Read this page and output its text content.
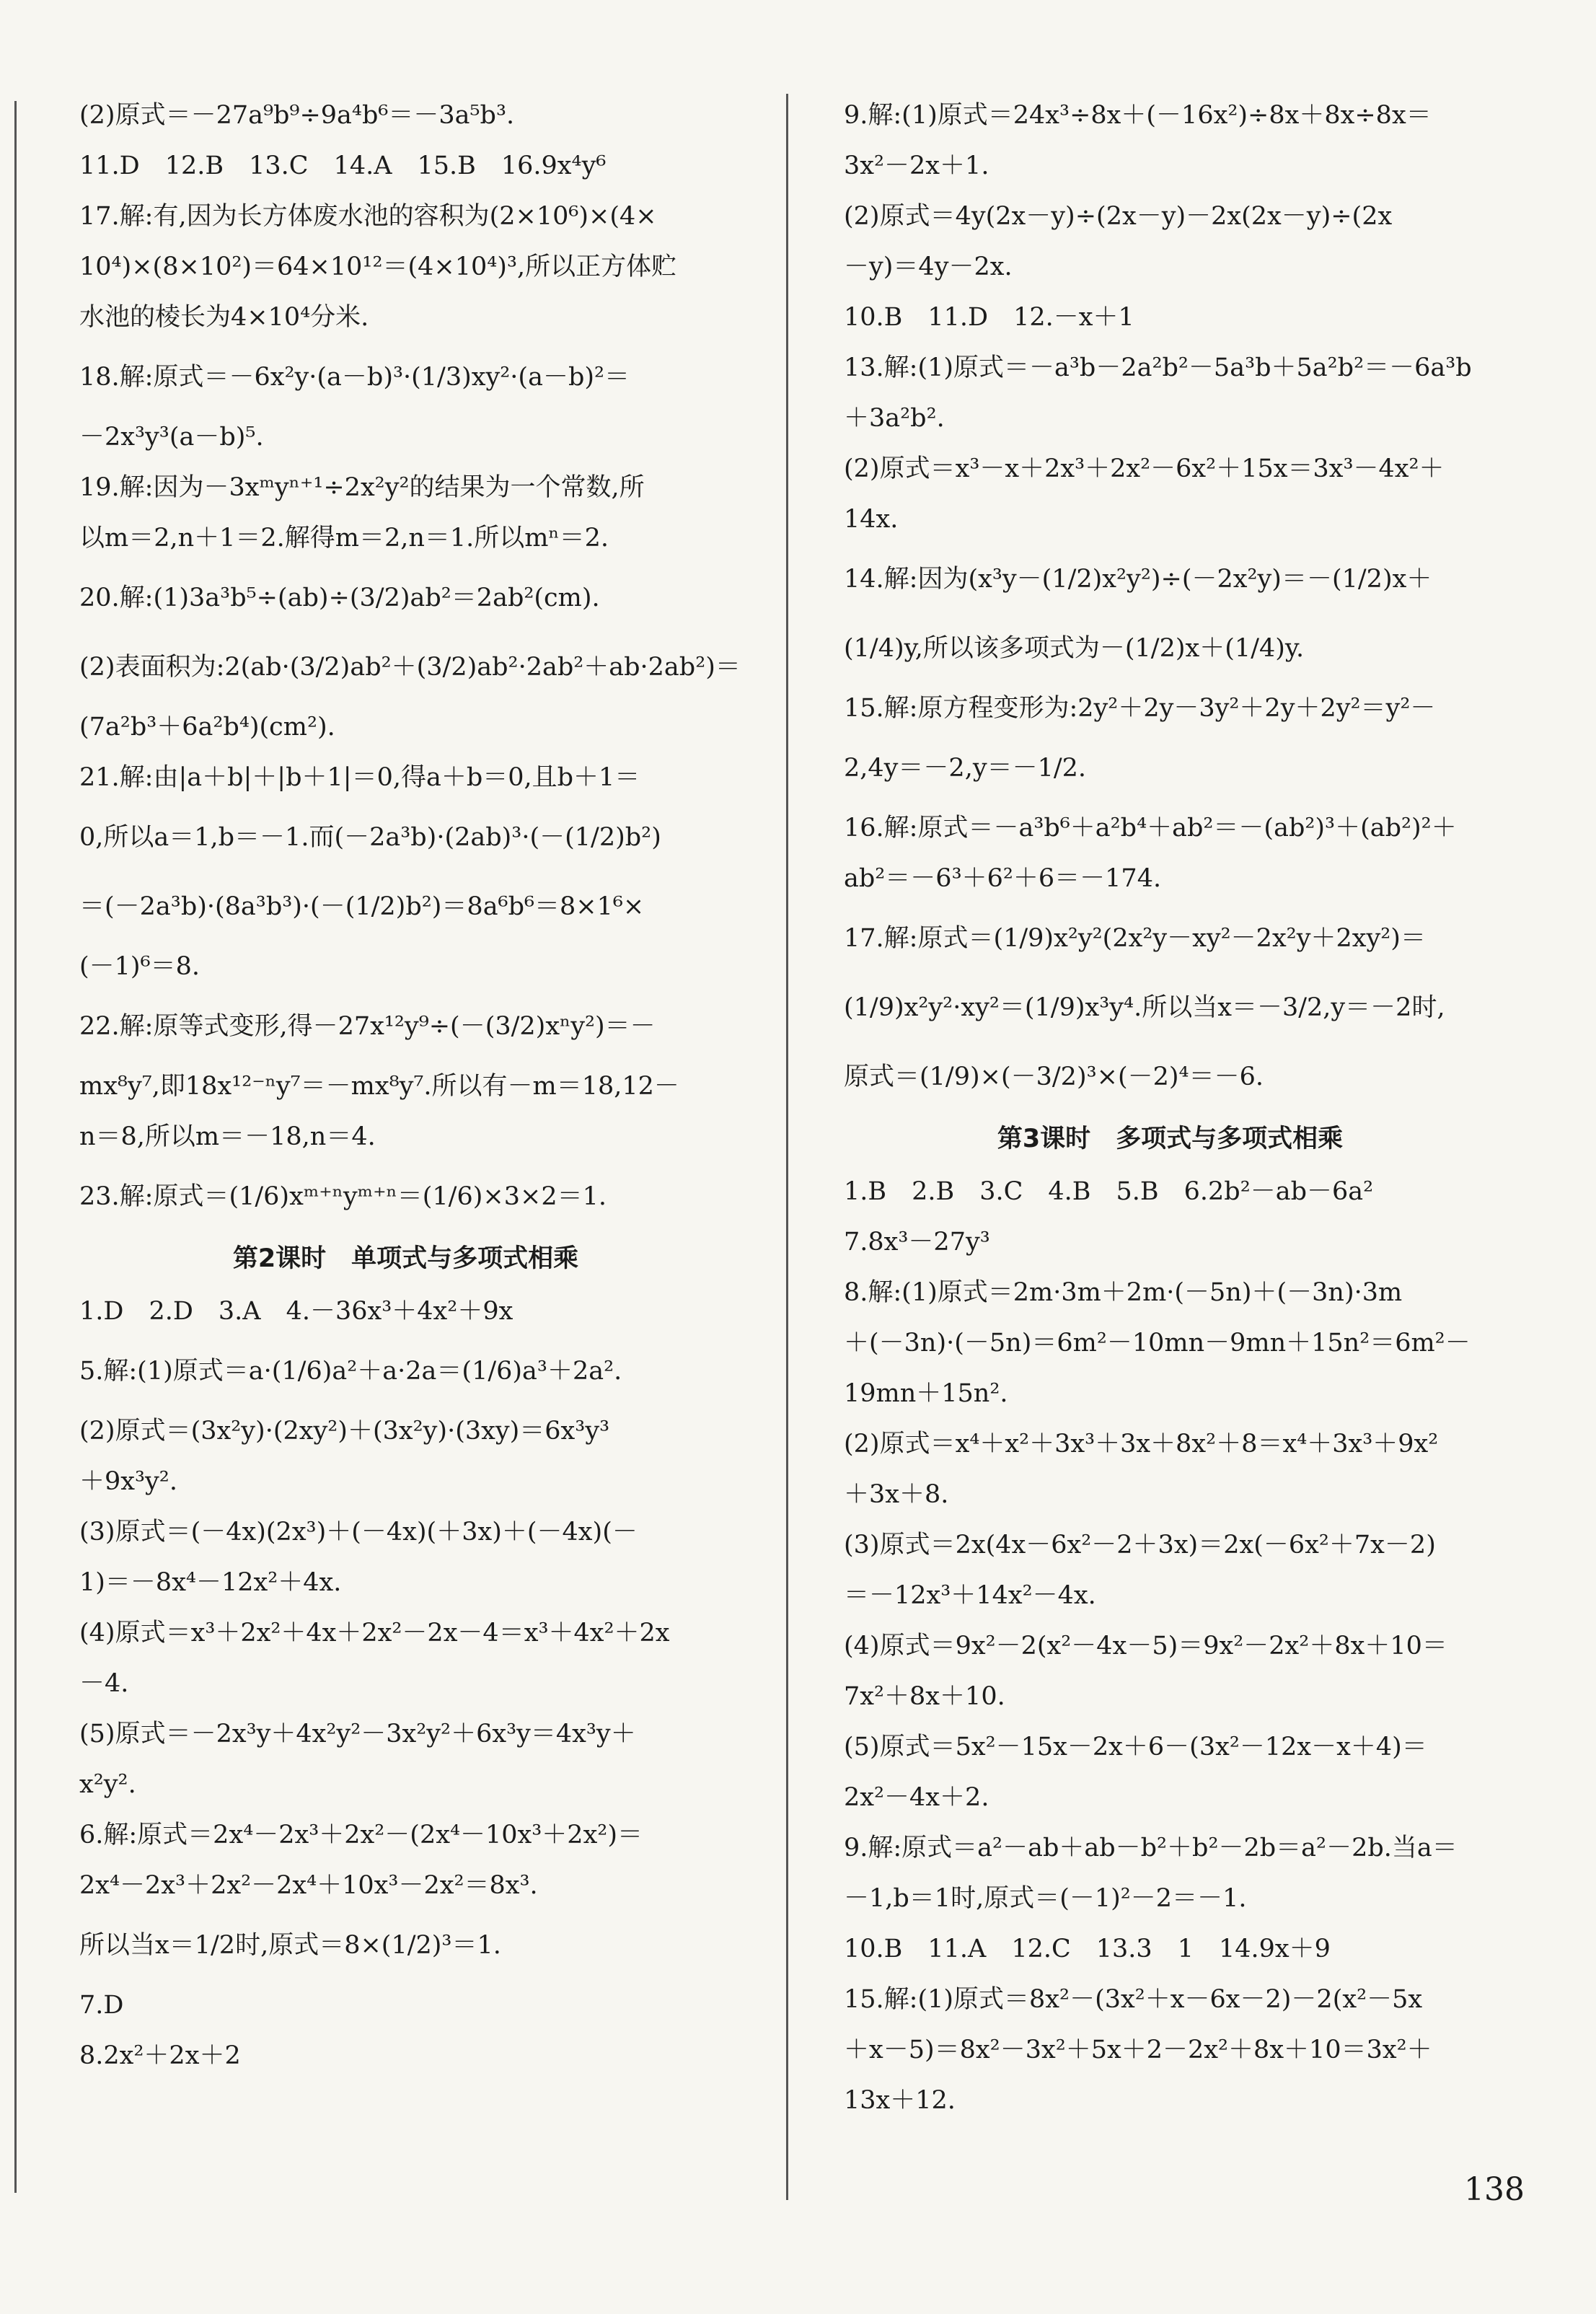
(2)原式＝－27a⁹b⁹÷9a⁴b⁶＝－3a⁵b³.
11.D　12.B　13.C　14.A　15.B　16.9x⁴y⁶
17.解:有,因为长方体废水池的容积为(2×10⁶)×(4×
10⁴)×(8×10²)＝64×10¹²＝(4×10⁴)³,所以正方体贮
水池的棱长为4×10⁴分米.
18.解:原式＝－6x²y·(a－b)³·(1/3)xy²·(a－b)²＝
－2x³y³(a－b)⁵.
19.解:因为－3xᵐyⁿ⁺¹÷2x²y²的结果为一个常数,所
以m＝2,n＋1＝2.解得m＝2,n＝1.所以mⁿ＝2.
20.解:(1)3a³b⁵÷(ab)÷(3/2)ab²＝2ab²(cm).
(2)表面积为:2(ab·(3/2)ab²＋(3/2)ab²·2ab²＋ab·2ab²)＝
(7a²b³＋6a²b⁴)(cm²).
21.解:由|a＋b|＋|b＋1|＝0,得a＋b＝0,且b＋1＝
0,所以a＝1,b＝－1.而(－2a³b)·(2ab)³·(－(1/2)b²)
＝(－2a³b)·(8a³b³)·(－(1/2)b²)＝8a⁶b⁶＝8×1⁶×
(－1)⁶＝8.
22.解:原等式变形,得－27x¹²y⁹÷(－(3/2)xⁿy²)＝－
mx⁸y⁷,即18x¹²⁻ⁿy⁷＝－mx⁸y⁷.所以有－m＝18,12－
n＝8,所以m＝－18,n＝4.
23.解:原式＝(1/6)xᵐ⁺ⁿyᵐ⁺ⁿ＝(1/6)×3×2＝1.
第2课时　单项式与多项式相乘
1.D　2.D　3.A　4.－36x³＋4x²＋9x
5.解:(1)原式＝a·(1/6)a²＋a·2a＝(1/6)a³＋2a².
(2)原式＝(3x²y)·(2xy²)＋(3x²y)·(3xy)＝6x³y³
＋9x³y².
(3)原式＝(－4x)(2x³)＋(－4x)(＋3x)＋(－4x)(－
1)＝－8x⁴－12x²＋4x.
(4)原式＝x³＋2x²＋4x＋2x²－2x－4＝x³＋4x²＋2x
－4.
(5)原式＝－2x³y＋4x²y²－3x²y²＋6x³y＝4x³y＋
x²y².
6.解:原式＝2x⁴－2x³＋2x²－(2x⁴－10x³＋2x²)＝
2x⁴－2x³＋2x²－2x⁴＋10x³－2x²＝8x³.
所以当x＝1/2时,原式＝8×(1/2)³＝1.
7.D
8.2x²＋2x＋2
9.解:(1)原式＝24x³÷8x＋(－16x²)÷8x＋8x÷8x＝
3x²－2x＋1.
(2)原式＝4y(2x－y)÷(2x－y)－2x(2x－y)÷(2x
－y)＝4y－2x.
10.B　11.D　12.－x＋1
13.解:(1)原式＝－a³b－2a²b²－5a³b＋5a²b²＝－6a³b
＋3a²b².
(2)原式＝x³－x＋2x³＋2x²－6x²＋15x＝3x³－4x²＋
14x.
14.解:因为(x³y－(1/2)x²y²)÷(－2x²y)＝－(1/2)x＋
(1/4)y,所以该多项式为－(1/2)x＋(1/4)y.
15.解:原方程变形为:2y²＋2y－3y²＋2y＋2y²＝y²－
2,4y＝－2,y＝－1/2.
16.解:原式＝－a³b⁶＋a²b⁴＋ab²＝－(ab²)³＋(ab²)²＋
ab²＝－6³＋6²＋6＝－174.
17.解:原式＝(1/9)x²y²(2x²y－xy²－2x²y＋2xy²)＝
(1/9)x²y²·xy²＝(1/9)x³y⁴.所以当x＝－3/2,y＝－2时,
原式＝(1/9)×(－3/2)³×(－2)⁴＝－6.
第3课时　多项式与多项式相乘
1.B　2.B　3.C　4.B　5.B　6.2b²－ab－6a²
7.8x³－27y³
8.解:(1)原式＝2m·3m＋2m·(－5n)＋(－3n)·3m
＋(－3n)·(－5n)＝6m²－10mn－9mn＋15n²＝6m²－
19mn＋15n².
(2)原式＝x⁴＋x²＋3x³＋3x＋8x²＋8＝x⁴＋3x³＋9x²
＋3x＋8.
(3)原式＝2x(4x－6x²－2＋3x)＝2x(－6x²＋7x－2)
＝－12x³＋14x²－4x.
(4)原式＝9x²－2(x²－4x－5)＝9x²－2x²＋8x＋10＝
7x²＋8x＋10.
(5)原式＝5x²－15x－2x＋6－(3x²－12x－x＋4)＝
2x²－4x＋2.
9.解:原式＝a²－ab＋ab－b²＋b²－2b＝a²－2b.当a＝
－1,b＝1时,原式＝(－1)²－2＝－1.
10.B　11.A　12.C　13.3　1　14.9x＋9
15.解:(1)原式＝8x²－(3x²＋x－6x－2)－2(x²－5x
＋x－5)＝8x²－3x²＋5x＋2－2x²＋8x＋10＝3x²＋
13x＋12.
138
